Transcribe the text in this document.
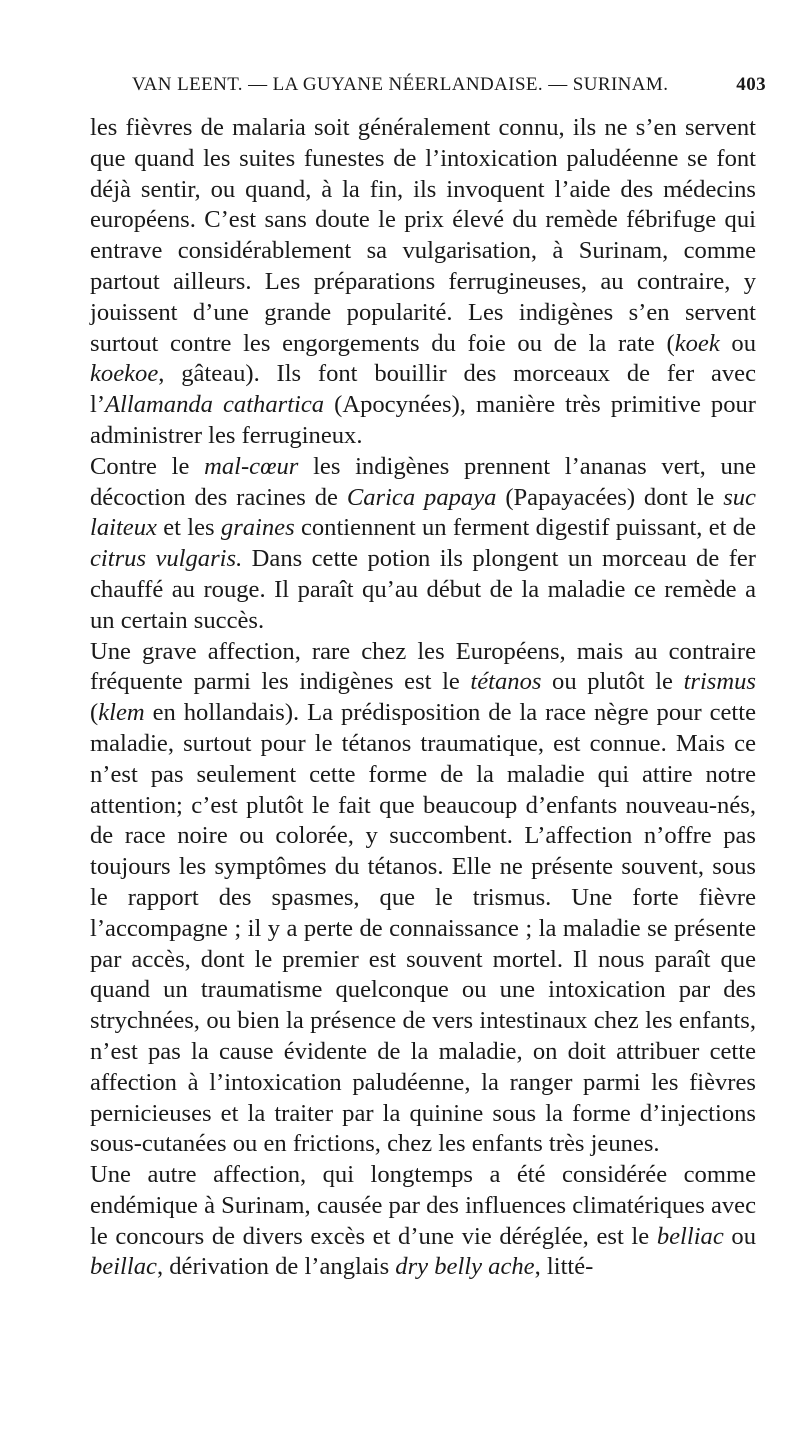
VAN LEENT. — LA GUYANE NÉERLANDAISE. — SURINAM.	403

les fièvres de malaria soit généralement connu, ils ne s’en servent que quand les suites funestes de l’intoxication paludéenne se font déjà sentir, ou quand, à la fin, ils invoquent l’aide des médecins européens. C’est sans doute le prix élevé du remède fébrifuge qui entrave considérablement sa vulgarisation, à Surinam, comme partout ailleurs. Les préparations ferrugineuses, au contraire, y jouissent d’une grande popularité. Les indigènes s’en servent surtout contre les engorgements du foie ou de la rate (koek ou koekoe, gâteau). Ils font bouillir des morceaux de fer avec l’Allamanda cathartica (Apocynées), manière très primitive pour administrer les ferrugineux.

Contre le mal-cœur les indigènes prennent l’ananas vert, une décoction des racines de Carica papaya (Papayacées) dont le suc laiteux et les graines contiennent un ferment digestif puissant, et de citrus vulgaris. Dans cette potion ils plongent un morceau de fer chauffé au rouge. Il paraît qu’au début de la maladie ce remède a un certain succès.

Une grave affection, rare chez les Européens, mais au contraire fréquente parmi les indigènes est le tétanos ou plutôt le trismus (klem en hollandais). La prédisposition de la race nègre pour cette maladie, surtout pour le tétanos traumatique, est connue. Mais ce n’est pas seulement cette forme de la maladie qui attire notre attention; c’est plutôt le fait que beaucoup d’enfants nouveau-nés, de race noire ou colorée, y succombent. L’affection n’offre pas toujours les symptômes du tétanos. Elle ne présente souvent, sous le rapport des spasmes, que le trismus. Une forte fièvre l’accompagne ; il y a perte de connaissance ; la maladie se présente par accès, dont le premier est souvent mortel. Il nous paraît que quand un traumatisme quelconque ou une intoxication par des strychnées, ou bien la présence de vers intestinaux chez les enfants, n’est pas la cause évidente de la maladie, on doit attribuer cette affection à l’intoxication paludéenne, la ranger parmi les fièvres pernicieuses et la traiter par la quinine sous la forme d’injections sous-cutanées ou en frictions, chez les enfants très jeunes.

Une autre affection, qui longtemps a été considérée comme endémique à Surinam, causée par des influences climatériques avec le concours de divers excès et d’une vie déréglée, est le belliac ou beillac, dérivation de l’anglais dry belly ache, litté-
